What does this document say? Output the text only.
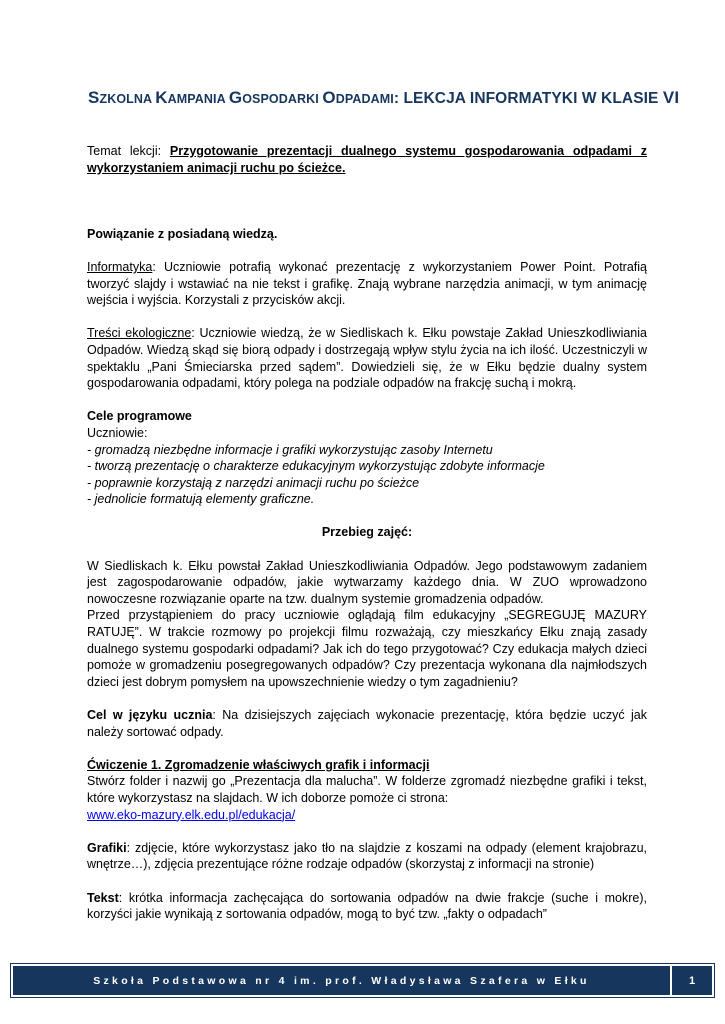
SZKOLNA KAMPANIA GOSPODARKI ODPADAMI: LEKCJA INFORMATYKI W KLASIE VI

Temat lekcji: Przygotowanie prezentacji dualnego systemu gospodarowania odpadami z wykorzystaniem animacji ruchu po ścieżce.

Powiązanie z posiadaną wiedzą.

Informatyka: Uczniowie potrafią wykonać prezentację z wykorzystaniem Power Point. Potrafią tworzyć slajdy i wstawiać na nie tekst i grafikę. Znają wybrane narzędzia animacji, w tym animację wejścia i wyjścia. Korzystali z przycisków akcji.

Treści ekologiczne: Uczniowie wiedzą, że w Siedliskach k. Ełku powstaje Zakład Unieszkodliwiania Odpadów. Wiedzą skąd się biorą odpady i dostrzegają wpływ stylu życia na ich ilość. Uczestniczyli w spektaklu „Pani Śmieciarska przed sądem”. Dowiedzieli się, że w Ełku będzie dualny system gospodarowania odpadami, który polega na podziale odpadów na frakcję suchą i mokrą.

Cele programowe

Uczniowie:

- gromadzą niezbędne informacje i grafiki wykorzystując zasoby Internetu

- tworzą prezentację o charakterze edukacyjnym wykorzystując zdobyte informacje

- poprawnie korzystają z narzędzi animacji ruchu po ścieżce

- jednolicie formatują elementy graficzne.

Przebieg zajęć:

W Siedliskach k. Ełku powstał Zakład Unieszkodliwiania Odpadów. Jego podstawowym zadaniem jest zagospodarowanie odpadów, jakie wytwarzamy każdego dnia. W ZUO wprowadzono nowoczesne rozwiązanie oparte na tzw. dualnym systemie gromadzenia odpadów.

Przed przystąpieniem do pracy uczniowie oglądają film edukacyjny „SEGREGUJĘ MAZURY RATUJĘ”. W trakcie rozmowy po projekcji filmu rozważają, czy mieszkańcy Ełku znają zasady dualnego systemu gospodarki odpadami? Jak ich do tego przygotować? Czy edukacja małych dzieci pomoże w gromadzeniu posegregowanych odpadów? Czy prezentacja wykonana dla najmłodszych dzieci jest dobrym pomysłem na upowszechnienie wiedzy o tym zagadnieniu?

Cel w języku ucznia: Na dzisiejszych zajęciach wykonacie prezentację, która będzie uczyć jak należy sortować odpady.

Ćwiczenie 1. Zgromadzenie właściwych grafik i informacji

Stwórz folder i nazwij go „Prezentacja dla malucha”. W folderze zgromadź niezbędne grafiki i tekst, które wykorzystasz na slajdach. W ich doborze pomoże ci strona:

www.eko-mazury.elk.edu.pl/edukacja/

Grafiki: zdjęcie, które wykorzystasz jako tło na slajdzie z koszami na odpady (element krajobrazu, wnętrze…), zdjęcia prezentujące różne rodzaje odpadów (skorzystaj z informacji na stronie)

Tekst: krótka informacja zachęcająca do sortowania odpadów na dwie frakcje (suche i mokre), korzyści jakie wynikają z sortowania odpadów, mogą to być tzw. „fakty o odpadach”

Szkoła Podstawowa nr 4 im. prof. Władysława Szafera w Ełku	1
